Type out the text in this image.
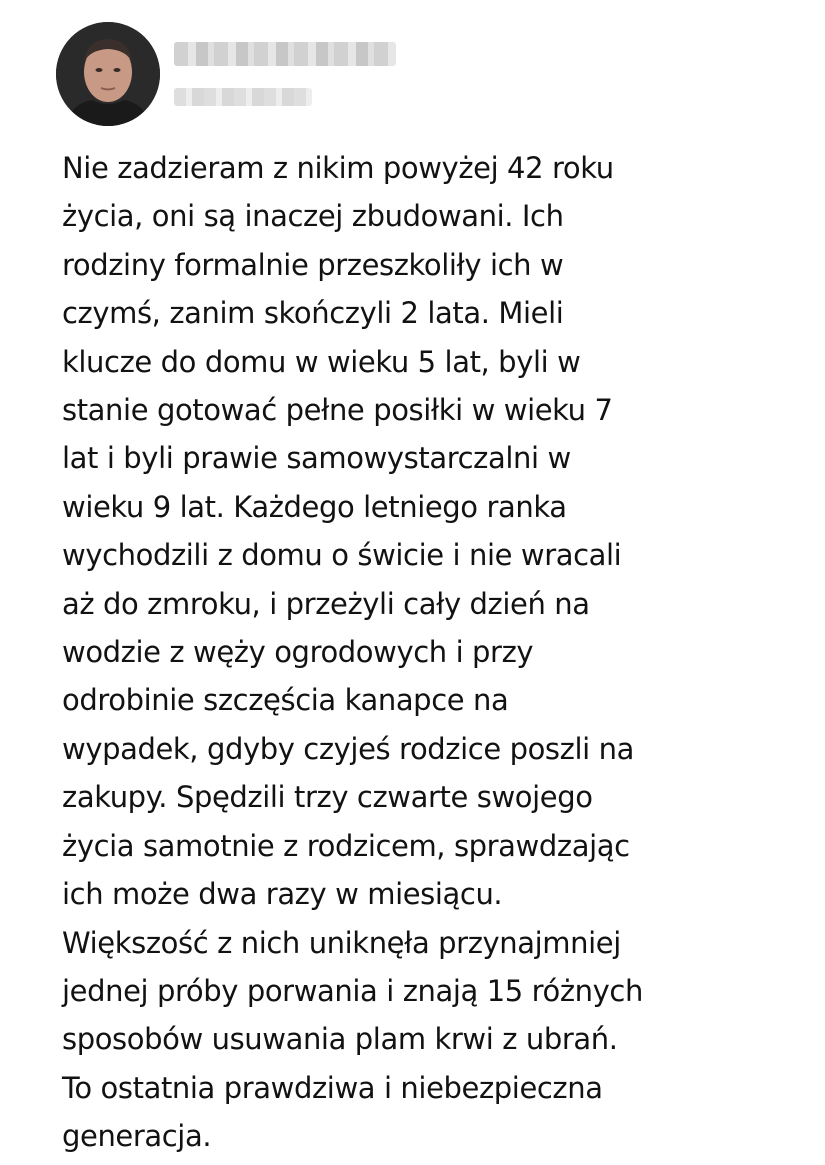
Nie zadzieram z nikim powyżej 42 roku
życia, oni są inaczej zbudowani. Ich
rodziny formalnie przeszkoliły ich w
czymś, zanim skończyli 2 lata. Mieli
klucze do domu w wieku 5 lat, byli w
stanie gotować pełne posiłki w wieku 7
lat i byli prawie samowystarczalni w
wieku 9 lat. Każdego letniego ranka
wychodzili z domu o świcie i nie wracali
aż do zmroku, i przeżyli cały dzień na
wodzie z węży ogrodowych i przy
odrobinie szczęścia kanapce na
wypadek, gdyby czyjeś rodzice poszli na
zakupy. Spędzili trzy czwarte swojego
życia samotnie z rodzicem, sprawdzając
ich może dwa razy w miesiącu.
Większość z nich uniknęła przynajmniej
jednej próby porwania i znają 15 różnych
sposobów usuwania plam krwi z ubrań.
To ostatnia prawdziwa i niebezpieczna
generacja.
